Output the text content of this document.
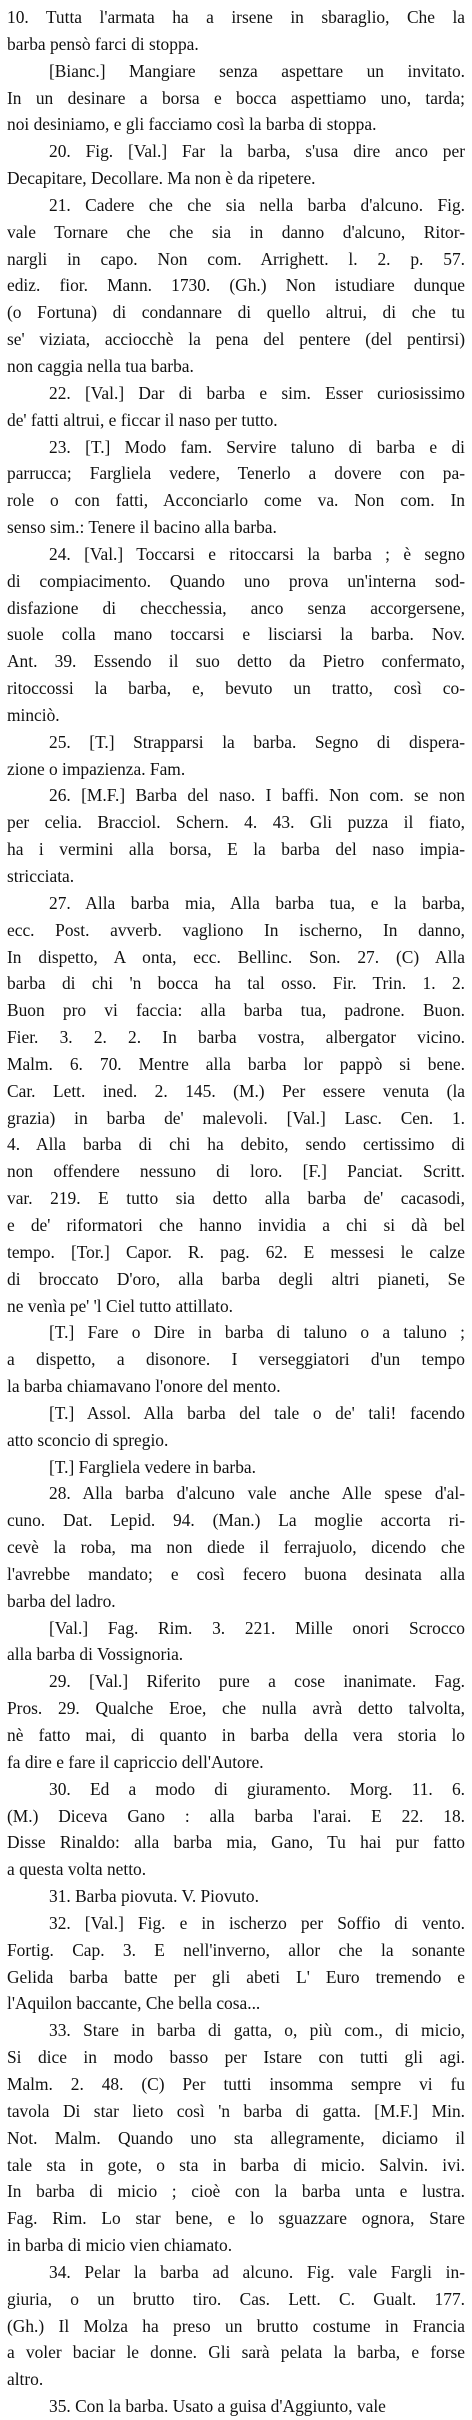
10. Tutta l'armata ha a irsene in sbaraglio, Che la
barba pensò farci di stoppa.
[Bianc.] Mangiare senza aspettare un invitato.
In un desinare a borsa e bocca aspettiamo uno, tarda;
noi desiniamo, e gli facciamo così la barba di stoppa.
20. Fig. [Val.] Far la barba, s'usa dire anco per
Decapitare, Decollare. Ma non è da ripetere.
21. Cadere che che sia nella barba d'alcuno. Fig.
vale Tornare che che sia in danno d'alcuno, Ritor-
nargli in capo. Non com. Arrighett. l. 2. p. 57.
ediz. fior. Mann. 1730. (Gh.) Non istudiare dunque
(o Fortuna) di condannare di quello altrui, di che tu
se' viziata, acciocchè la pena del pentere (del pentirsi)
non caggia nella tua barba.
22. [Val.] Dar di barba e sim. Esser curiosissimo
de' fatti altrui, e ficcar il naso per tutto.
23. [T.] Modo fam. Servire taluno di barba e di
parrucca; Fargliela vedere, Tenerlo a dovere con pa-
role o con fatti, Acconciarlo come va. Non com. In
senso sim.: Tenere il bacino alla barba.
24. [Val.] Toccarsi e ritoccarsi la barba ; è segno
di compiacimento. Quando uno prova un'interna sod-
disfazione di checchessia, anco senza accorgersene,
suole colla mano toccarsi e lisciarsi la barba. Nov.
Ant. 39. Essendo il suo detto da Pietro confermato,
ritoccossi la barba, e, bevuto un tratto, così co-
minciò.
25. [T.] Strapparsi la barba. Segno di dispera-
zione o impazienza. Fam.
26. [M.F.] Barba del naso. I baffi. Non com. se non
per celia. Bracciol. Schern. 4. 43. Gli puzza il fiato,
ha i vermini alla borsa, E la barba del naso impia-
stricciata.
27. Alla barba mia, Alla barba tua, e la barba,
ecc. Post. avverb. vagliono In ischerno, In danno,
In dispetto, A onta, ecc. Bellinc. Son. 27. (C) Alla
barba di chi 'n bocca ha tal osso. Fir. Trin. 1. 2.
Buon pro vi faccia: alla barba tua, padrone. Buon.
Fier. 3. 2. 2. In barba vostra, albergator vicino.
Malm. 6. 70. Mentre alla barba lor pappò si bene.
Car. Lett. ined. 2. 145. (M.) Per essere venuta (la
grazia) in barba de' malevoli. [Val.] Lasc. Cen. 1.
4. Alla barba di chi ha debito, sendo certissimo di
non offendere nessuno di loro. [F.] Panciat. Scritt.
var. 219. E tutto sia detto alla barba de' cacasodi,
e de' riformatori che hanno invidia a chi si dà bel
tempo. [Tor.] Capor. R. pag. 62. E messesi le calze
di broccato D'oro, alla barba degli altri pianeti, Se
ne venìa pe' 'l Ciel tutto attillato.
[T.] Fare o Dire in barba di taluno o a taluno ;
a dispetto, a disonore. I verseggiatori d'un tempo
la barba chiamavano l'onore del mento.
[T.] Assol. Alla barba del tale o de' tali! facendo
atto sconcio di spregio.
[T.] Fargliela vedere in barba.
28. Alla barba d'alcuno vale anche Alle spese d'al-
cuno. Dat. Lepid. 94. (Man.) La moglie accorta ri-
cevè la roba, ma non diede il ferrajuolo, dicendo che
l'avrebbe mandato; e così fecero buona desinata alla
barba del ladro.
[Val.] Fag. Rim. 3. 221. Mille onori Scrocco
alla barba di Vossignoria.
29. [Val.] Riferito pure a cose inanimate. Fag.
Pros. 29. Qualche Eroe, che nulla avrà detto talvolta,
nè fatto mai, di quanto in barba della vera storia lo
fa dire e fare il capriccio dell'Autore.
30. Ed a modo di giuramento. Morg. 11. 6.
(M.) Diceva Gano : alla barba l'arai. E 22. 18.
Disse Rinaldo: alla barba mia, Gano, Tu hai pur fatto
a questa volta netto.
31. Barba piovuta. V. Piovuto.
32. [Val.] Fig. e in ischerzo per Soffio di vento.
Fortig. Cap. 3. E nell'inverno, allor che la sonante
Gelida barba batte per gli abeti L' Euro tremendo e
l'Aquilon baccante, Che bella cosa...
33. Stare in barba di gatta, o, più com., di micio,
Si dice in modo basso per Istare con tutti gli agi.
Malm. 2. 48. (C) Per tutti insomma sempre vi fu
tavola Di star lieto così 'n barba di gatta. [M.F.] Min.
Not. Malm. Quando uno sta allegramente, diciamo il
tale sta in gote, o sta in barba di micio. Salvin. ivi.
In barba di micio ; cioè con la barba unta e lustra.
Fag. Rim. Lo star bene, e lo sguazzare ognora, Stare
in barba di micio vien chiamato.
34. Pelar la barba ad alcuno. Fig. vale Fargli in-
giuria, o un brutto tiro. Cas. Lett. C. Gualt. 177.
(Gh.) Il Molza ha preso un brutto costume in Francia
a voler baciar le donne. Gli sarà pelata la barba, e forse
altro.
35. Con la barba. Usato a guisa d'Aggiunto, vale
